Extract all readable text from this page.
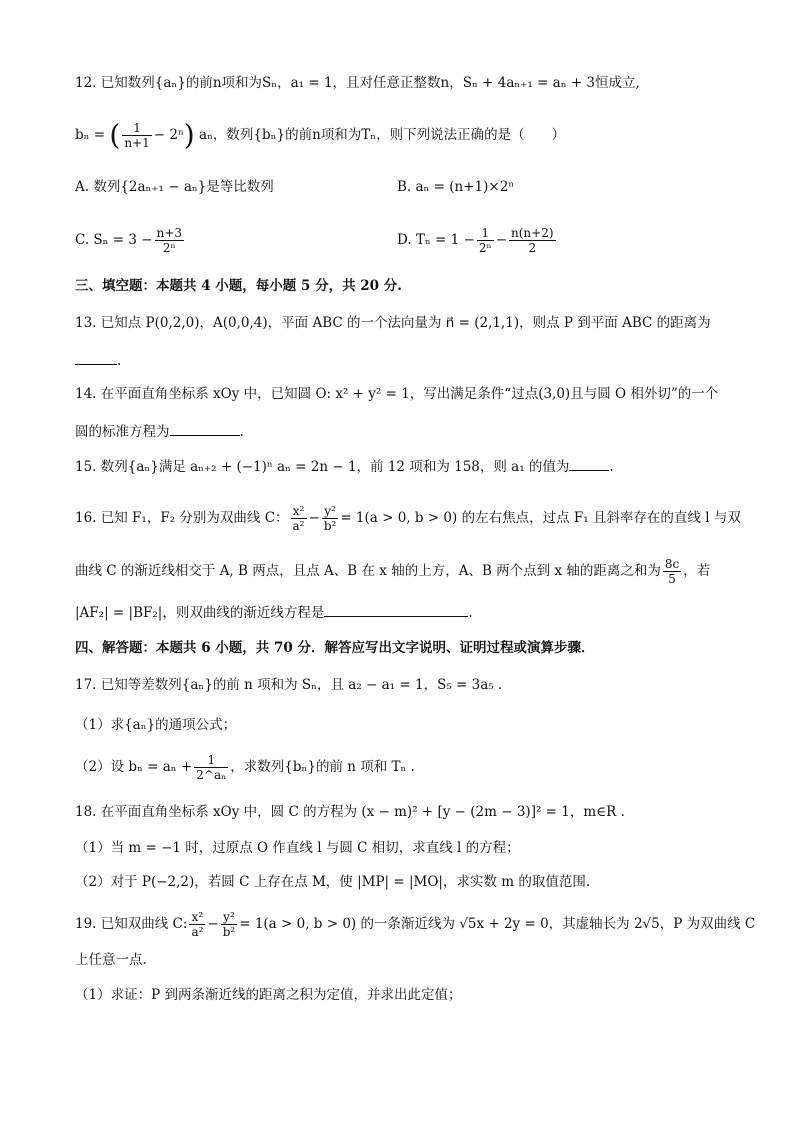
12. 已知数列{aₙ}的前n项和为Sₙ，a₁ = 1，且对任意正整数n，Sₙ + 4aₙ₊₁ = aₙ + 3恒成立,
bₙ = ( $\frac{1}{n+1} - 2^n$) aₙ，数列{bₙ}的前n项和为Tₙ，则下列说法正确的是（　　）
A. 数列{2aₙ₊₁ − aₙ}是等比数列	B. aₙ = (n+1)×2ⁿ
C. $S_n = 3 - \frac{n+3}{\text{2ⁿ}}$	D. $T_n = 1 - \frac{1}{\text{2ⁿ}} - \frac{n(n+2)}{2}$
三、填空题：本题共 4 小题，每小题 5 分，共 20 分.
13. 已知点 P(0,2,0)，A(0,0,4)，平面 ABC 的一个法向量为 n⃗ = (2,1,1)，则点 P 到平面 ABC 的距离为
.
14. 在平面直角坐标系 xOy 中，已知圆 O: x² + y² = 1，写出满足条件“过点(3,0)且与圆 O 相外切”的一个
圆的标准方程为	.
15. 数列{aₙ}满足 aₙ₊₂ + (−1)ⁿ aₙ = 2n − 1，前 12 项和为 158，则 a₁ 的值为	.
16. 已知 F₁，F₂ 分别为双曲线 C： $\frac{\text{x²}}{\text{a²}} - \frac{\text{y²}}{\text{b²}} = 1(a > 0$, b > 0) 的左右焦点，过点 F₁ 且斜率存在的直线 l 与双
曲线 C 的渐近线相交于 A, B 两点，且点 A、B 在 x 轴的上方，A、B 两个点到 x 轴的距离之和为 $\frac{8c}{5}$ ，若
|AF₂| = |BF₂|，则双曲线的渐近线方程是	.
四、解答题：本题共 6 小题，共 70 分．解答应写出文字说明、证明过程或演算步骤．
17. 已知等差数列{aₙ}的前 n 项和为 Sₙ，且 a₂ − a₁ = 1，S₅ = 3a₅ .
（1）求{aₙ}的通项公式；
（2）设 $b_n = a_n + \frac{1}{\text{2\textasciicircum{}aₙ}}$ ，求数列{bₙ}的前 n 项和 Tₙ .
18. 在平面直角坐标系 xOy 中，圆 C 的方程为 (x − m)² + [y − (2m − 3)]² = 1，m∈R .
（1）当 m = −1 时，过原点 O 作直线 l 与圆 C 相切，求直线 l 的方程；
（2）对于 P(−2,2)，若圆 C 上存在点 M，使 |MP| = |MO|，求实数 m 的取值范围.
19. 已知双曲线 C: $\frac{\text{x²}}{\text{a²}} - \frac{\text{y²}}{\text{b²}} = 1(a > 0$, b > 0) 的一条渐近线为 √5x + 2y = 0，其虚轴长为 2√5，P 为双曲线 C
上任意一点.
（1）求证：P 到两条渐近线的距离之积为定值，并求出此定值；
